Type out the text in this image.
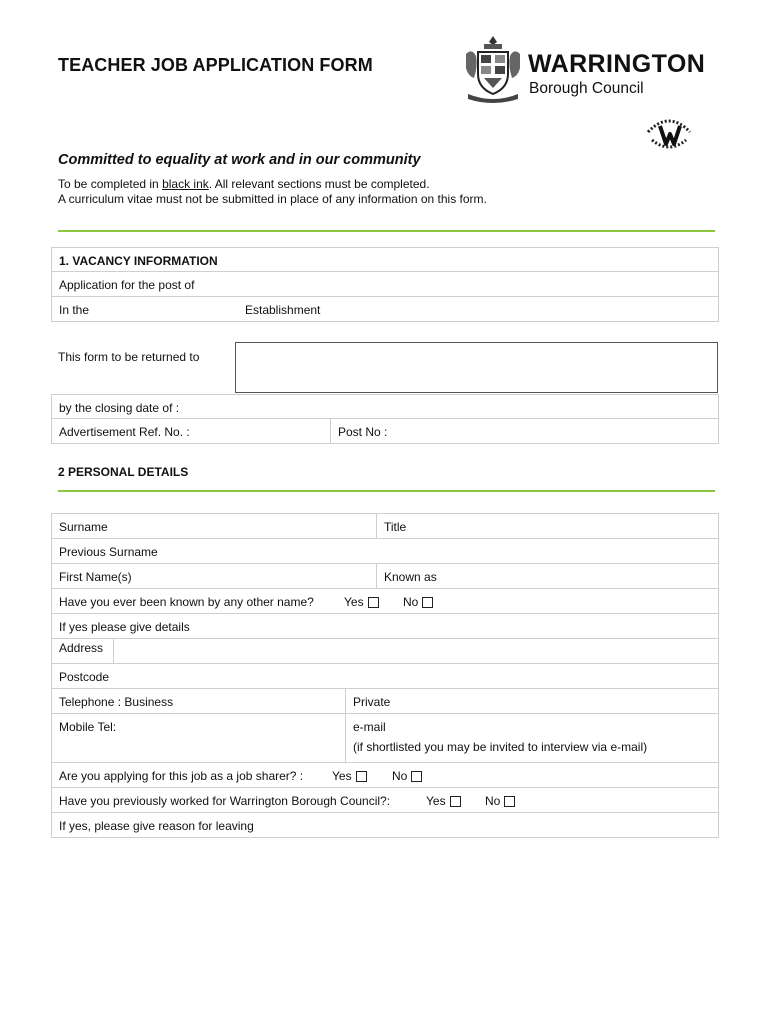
TEACHER JOB APPLICATION FORM	WARRINGTON
Borough Council
Committed to equality at work and in our community
To be completed in black ink. All relevant sections must be completed.
A curriculum vitae must not be submitted in place of any information on this form.
1. VACANCY INFORMATION
Application for the post of
In the	Establishment
This form to be returned to
by the closing date of :
Advertisement Ref. No. :	Post No :
2 PERSONAL DETAILS
Surname	Title
Previous Surname
First Name(s)	Known as
Have you ever been known by any other name?	Yes	No
If yes please give details
Address
Postcode
Telephone : Business	Private
Mobile Tel:	e-mail
(if shortlisted you may be invited to interview via e-mail)
Are you applying for this job as a job sharer? : Yes	No
Have you previously worked for Warrington Borough Council?:	Yes	No
If yes, please give reason for leaving
